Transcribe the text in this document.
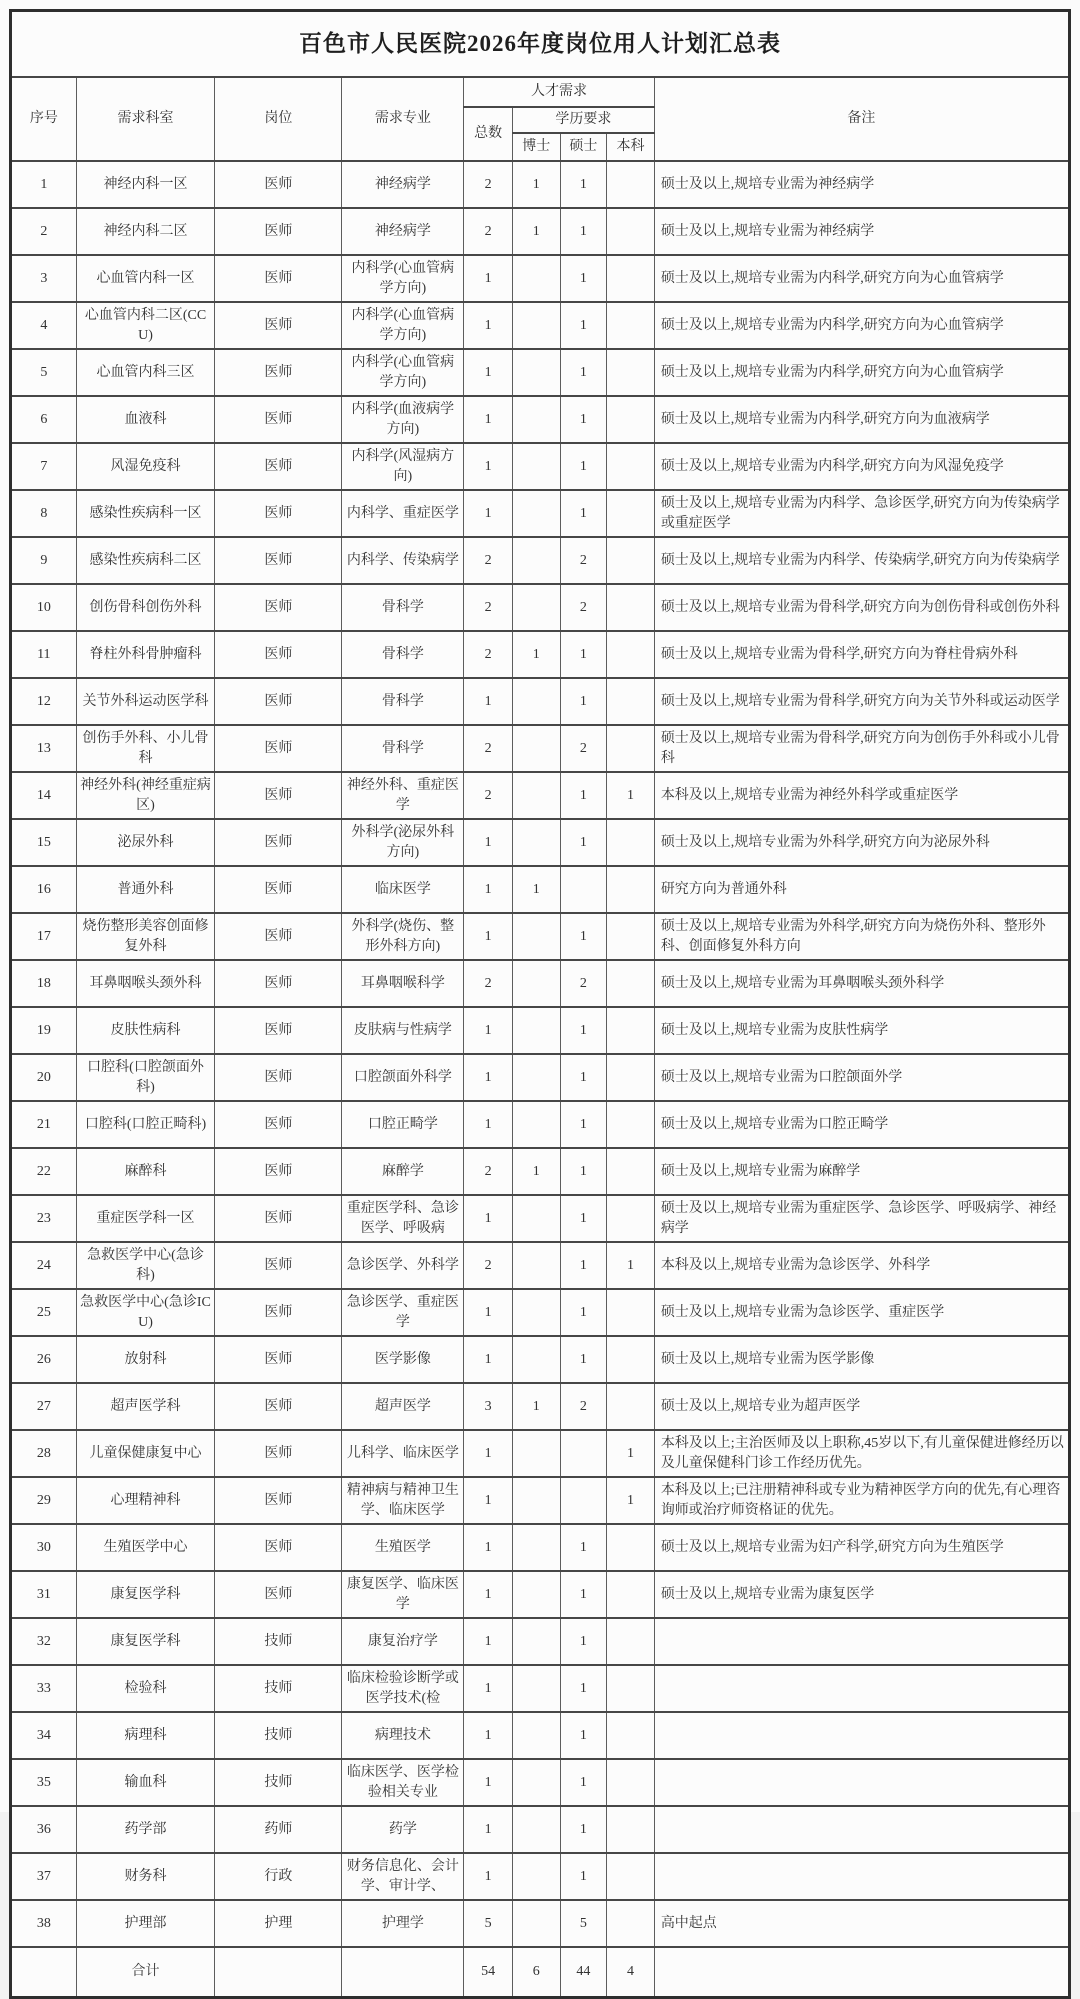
百色市人民医院2026年度岗位用人计划汇总表								
序号	需求科室	岗位	需求专业	人才需求				备注
				总数	学历要求			
					博士	硕士	本科	
1	神经内科一区	医师	神经病学	2	1	1		硕士及以上,规培专业需为神经病学
2	神经内科二区	医师	神经病学	2	1	1		硕士及以上,规培专业需为神经病学
3	心血管内科一区	医师	内科学(心血管病学方向)	1		1		硕士及以上,规培专业需为内科学,研究方向为心血管病学
4	心血管内科二区(CCU)	医师	内科学(心血管病学方向)	1		1		硕士及以上,规培专业需为内科学,研究方向为心血管病学
5	心血管内科三区	医师	内科学(心血管病学方向)	1		1		硕士及以上,规培专业需为内科学,研究方向为心血管病学
6	血液科	医师	内科学(血液病学方向)	1		1		硕士及以上,规培专业需为内科学,研究方向为血液病学
7	风湿免疫科	医师	内科学(风湿病方向)	1		1		硕士及以上,规培专业需为内科学,研究方向为风湿免疫学
8	感染性疾病科一区	医师	内科学、重症医学	1		1		硕士及以上,规培专业需为内科学、急诊医学,研究方向为传染病学或重症医学
9	感染性疾病科二区	医师	内科学、传染病学	2		2		硕士及以上,规培专业需为内科学、传染病学,研究方向为传染病学
10	创伤骨科创伤外科	医师	骨科学	2		2		硕士及以上,规培专业需为骨科学,研究方向为创伤骨科或创伤外科
11	脊柱外科骨肿瘤科	医师	骨科学	2	1	1		硕士及以上,规培专业需为骨科学,研究方向为脊柱骨病外科
12	关节外科运动医学科	医师	骨科学	1		1		硕士及以上,规培专业需为骨科学,研究方向为关节外科或运动医学
13	创伤手外科、小儿骨科	医师	骨科学	2		2		硕士及以上,规培专业需为骨科学,研究方向为创伤手外科或小儿骨科
14	神经外科(神经重症病区)	医师	神经外科、重症医学	2		1	1	本科及以上,规培专业需为神经外科学或重症医学
15	泌尿外科	医师	外科学(泌尿外科方向)	1		1		硕士及以上,规培专业需为外科学,研究方向为泌尿外科
16	普通外科	医师	临床医学	1	1			研究方向为普通外科
17	烧伤整形美容创面修复外科	医师	外科学(烧伤、整形外科方向)	1		1		硕士及以上,规培专业需为外科学,研究方向为烧伤外科、整形外科、创面修复外科方向
18	耳鼻咽喉头颈外科	医师	耳鼻咽喉科学	2		2		硕士及以上,规培专业需为耳鼻咽喉头颈外科学
19	皮肤性病科	医师	皮肤病与性病学	1		1		硕士及以上,规培专业需为皮肤性病学
20	口腔科(口腔颌面外科)	医师	口腔颌面外科学	1		1		硕士及以上,规培专业需为口腔颌面外学
21	口腔科(口腔正畸科)	医师	口腔正畸学	1		1		硕士及以上,规培专业需为口腔正畸学
22	麻醉科	医师	麻醉学	2	1	1		硕士及以上,规培专业需为麻醉学
23	重症医学科一区	医师	重症医学科、急诊医学、呼吸病	1		1		硕士及以上,规培专业需为重症医学、急诊医学、呼吸病学、神经病学
24	急救医学中心(急诊科)	医师	急诊医学、外科学	2		1	1	本科及以上,规培专业需为急诊医学、外科学
25	急救医学中心(急诊ICU)	医师	急诊医学、重症医学	1		1		硕士及以上,规培专业需为急诊医学、重症医学
26	放射科	医师	医学影像	1		1		硕士及以上,规培专业需为医学影像
27	超声医学科	医师	超声医学	3	1	2		硕士及以上,规培专业为超声医学
28	儿童保健康复中心	医师	儿科学、临床医学	1			1	本科及以上;主治医师及以上职称,45岁以下,有儿童保健进修经历以及儿童保健科门诊工作经历优先。
29	心理精神科	医师	精神病与精神卫生学、临床医学	1			1	本科及以上;已注册精神科或专业为精神医学方向的优先,有心理咨询师或治疗师资格证的优先。
30	生殖医学中心	医师	生殖医学	1		1		硕士及以上,规培专业需为妇产科学,研究方向为生殖医学
31	康复医学科	医师	康复医学、临床医学	1		1		硕士及以上,规培专业需为康复医学
32	康复医学科	技师	康复治疗学	1		1		
33	检验科	技师	临床检验诊断学或医学技术(检	1		1		
34	病理科	技师	病理技术	1		1		
35	输血科	技师	临床医学、医学检验相关专业	1		1		
36	药学部	药师	药学	1		1		
37	财务科	行政	财务信息化、会计学、审计学、	1		1		
38	护理部	护理	护理学	5		5		高中起点
	合计			54	6	44	4	
